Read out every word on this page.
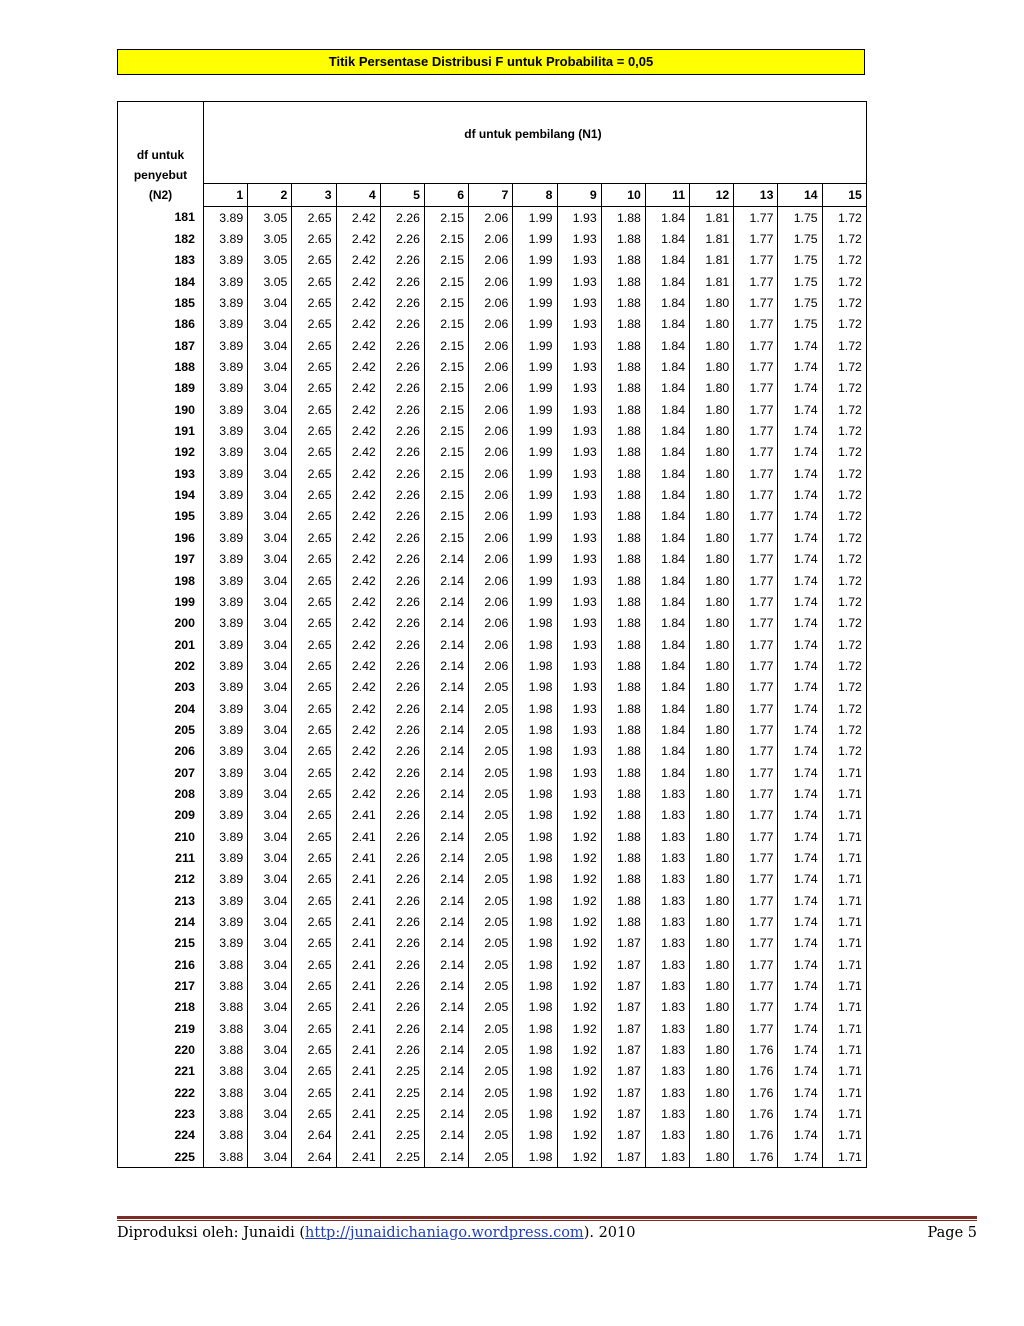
Titik Persentase Distribusi F untuk Probabilita = 0,05
df untuk
penyebut
(N2)	df untuk pembilang (N1)														
	1	2	3	4	5	6	7	8	9	10	11	12	13	14	15
181	3.89	3.05	2.65	2.42	2.26	2.15	2.06	1.99	1.93	1.88	1.84	1.81	1.77	1.75	1.72
182	3.89	3.05	2.65	2.42	2.26	2.15	2.06	1.99	1.93	1.88	1.84	1.81	1.77	1.75	1.72
183	3.89	3.05	2.65	2.42	2.26	2.15	2.06	1.99	1.93	1.88	1.84	1.81	1.77	1.75	1.72
184	3.89	3.05	2.65	2.42	2.26	2.15	2.06	1.99	1.93	1.88	1.84	1.81	1.77	1.75	1.72
185	3.89	3.04	2.65	2.42	2.26	2.15	2.06	1.99	1.93	1.88	1.84	1.80	1.77	1.75	1.72
186	3.89	3.04	2.65	2.42	2.26	2.15	2.06	1.99	1.93	1.88	1.84	1.80	1.77	1.75	1.72
187	3.89	3.04	2.65	2.42	2.26	2.15	2.06	1.99	1.93	1.88	1.84	1.80	1.77	1.74	1.72
188	3.89	3.04	2.65	2.42	2.26	2.15	2.06	1.99	1.93	1.88	1.84	1.80	1.77	1.74	1.72
189	3.89	3.04	2.65	2.42	2.26	2.15	2.06	1.99	1.93	1.88	1.84	1.80	1.77	1.74	1.72
190	3.89	3.04	2.65	2.42	2.26	2.15	2.06	1.99	1.93	1.88	1.84	1.80	1.77	1.74	1.72
191	3.89	3.04	2.65	2.42	2.26	2.15	2.06	1.99	1.93	1.88	1.84	1.80	1.77	1.74	1.72
192	3.89	3.04	2.65	2.42	2.26	2.15	2.06	1.99	1.93	1.88	1.84	1.80	1.77	1.74	1.72
193	3.89	3.04	2.65	2.42	2.26	2.15	2.06	1.99	1.93	1.88	1.84	1.80	1.77	1.74	1.72
194	3.89	3.04	2.65	2.42	2.26	2.15	2.06	1.99	1.93	1.88	1.84	1.80	1.77	1.74	1.72
195	3.89	3.04	2.65	2.42	2.26	2.15	2.06	1.99	1.93	1.88	1.84	1.80	1.77	1.74	1.72
196	3.89	3.04	2.65	2.42	2.26	2.15	2.06	1.99	1.93	1.88	1.84	1.80	1.77	1.74	1.72
197	3.89	3.04	2.65	2.42	2.26	2.14	2.06	1.99	1.93	1.88	1.84	1.80	1.77	1.74	1.72
198	3.89	3.04	2.65	2.42	2.26	2.14	2.06	1.99	1.93	1.88	1.84	1.80	1.77	1.74	1.72
199	3.89	3.04	2.65	2.42	2.26	2.14	2.06	1.99	1.93	1.88	1.84	1.80	1.77	1.74	1.72
200	3.89	3.04	2.65	2.42	2.26	2.14	2.06	1.98	1.93	1.88	1.84	1.80	1.77	1.74	1.72
201	3.89	3.04	2.65	2.42	2.26	2.14	2.06	1.98	1.93	1.88	1.84	1.80	1.77	1.74	1.72
202	3.89	3.04	2.65	2.42	2.26	2.14	2.06	1.98	1.93	1.88	1.84	1.80	1.77	1.74	1.72
203	3.89	3.04	2.65	2.42	2.26	2.14	2.05	1.98	1.93	1.88	1.84	1.80	1.77	1.74	1.72
204	3.89	3.04	2.65	2.42	2.26	2.14	2.05	1.98	1.93	1.88	1.84	1.80	1.77	1.74	1.72
205	3.89	3.04	2.65	2.42	2.26	2.14	2.05	1.98	1.93	1.88	1.84	1.80	1.77	1.74	1.72
206	3.89	3.04	2.65	2.42	2.26	2.14	2.05	1.98	1.93	1.88	1.84	1.80	1.77	1.74	1.72
207	3.89	3.04	2.65	2.42	2.26	2.14	2.05	1.98	1.93	1.88	1.84	1.80	1.77	1.74	1.71
208	3.89	3.04	2.65	2.42	2.26	2.14	2.05	1.98	1.93	1.88	1.83	1.80	1.77	1.74	1.71
209	3.89	3.04	2.65	2.41	2.26	2.14	2.05	1.98	1.92	1.88	1.83	1.80	1.77	1.74	1.71
210	3.89	3.04	2.65	2.41	2.26	2.14	2.05	1.98	1.92	1.88	1.83	1.80	1.77	1.74	1.71
211	3.89	3.04	2.65	2.41	2.26	2.14	2.05	1.98	1.92	1.88	1.83	1.80	1.77	1.74	1.71
212	3.89	3.04	2.65	2.41	2.26	2.14	2.05	1.98	1.92	1.88	1.83	1.80	1.77	1.74	1.71
213	3.89	3.04	2.65	2.41	2.26	2.14	2.05	1.98	1.92	1.88	1.83	1.80	1.77	1.74	1.71
214	3.89	3.04	2.65	2.41	2.26	2.14	2.05	1.98	1.92	1.88	1.83	1.80	1.77	1.74	1.71
215	3.89	3.04	2.65	2.41	2.26	2.14	2.05	1.98	1.92	1.87	1.83	1.80	1.77	1.74	1.71
216	3.88	3.04	2.65	2.41	2.26	2.14	2.05	1.98	1.92	1.87	1.83	1.80	1.77	1.74	1.71
217	3.88	3.04	2.65	2.41	2.26	2.14	2.05	1.98	1.92	1.87	1.83	1.80	1.77	1.74	1.71
218	3.88	3.04	2.65	2.41	2.26	2.14	2.05	1.98	1.92	1.87	1.83	1.80	1.77	1.74	1.71
219	3.88	3.04	2.65	2.41	2.26	2.14	2.05	1.98	1.92	1.87	1.83	1.80	1.77	1.74	1.71
220	3.88	3.04	2.65	2.41	2.26	2.14	2.05	1.98	1.92	1.87	1.83	1.80	1.76	1.74	1.71
221	3.88	3.04	2.65	2.41	2.25	2.14	2.05	1.98	1.92	1.87	1.83	1.80	1.76	1.74	1.71
222	3.88	3.04	2.65	2.41	2.25	2.14	2.05	1.98	1.92	1.87	1.83	1.80	1.76	1.74	1.71
223	3.88	3.04	2.65	2.41	2.25	2.14	2.05	1.98	1.92	1.87	1.83	1.80	1.76	1.74	1.71
224	3.88	3.04	2.64	2.41	2.25	2.14	2.05	1.98	1.92	1.87	1.83	1.80	1.76	1.74	1.71
225	3.88	3.04	2.64	2.41	2.25	2.14	2.05	1.98	1.92	1.87	1.83	1.80	1.76	1.74	1.71
Diproduksi oleh: Junaidi (http://junaidichaniago.wordpress.com). 2010	Page 5
